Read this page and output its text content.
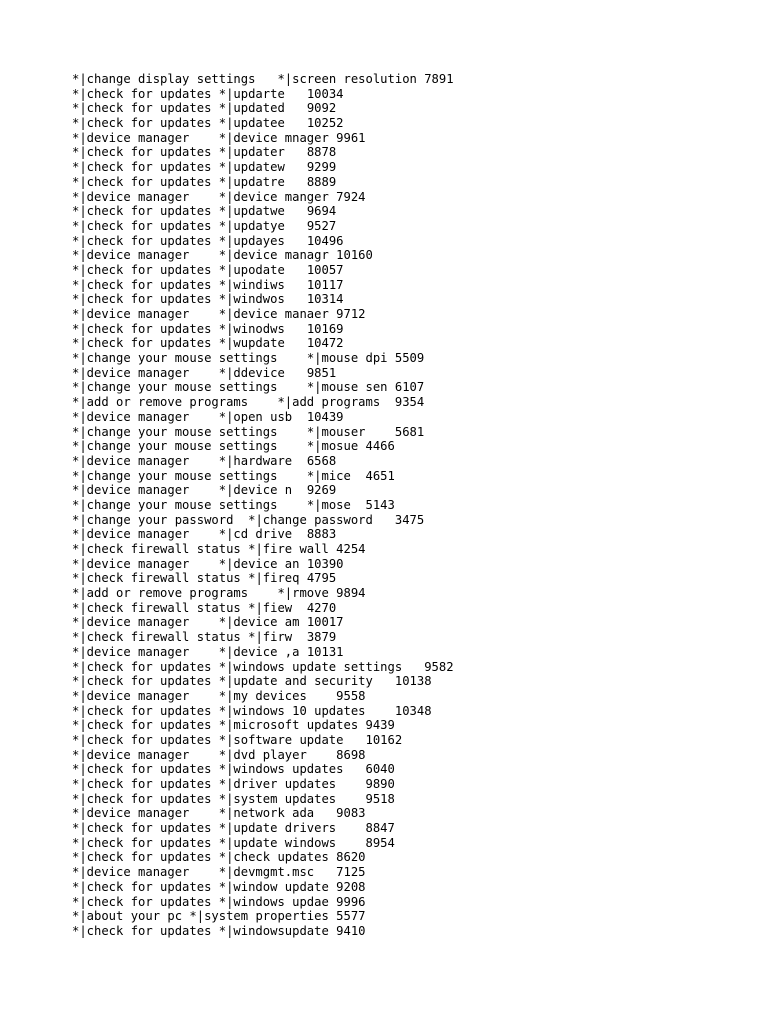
*|change display settings	*|screen resolution	7891
*|check for updates	*|updarte	10034
*|check for updates	*|updated	9092
*|check for updates	*|updatee	10252
*|device manager	*|device mnager	9961
*|check for updates	*|updater	8878
*|check for updates	*|updatew	9299
*|check for updates	*|updatre	8889
*|device manager	*|device manger	7924
*|check for updates	*|updatwe	9694
*|check for updates	*|updatye	9527
*|check for updates	*|updayes	10496
*|device manager	*|device managr	10160
*|check for updates	*|upodate	10057
*|check for updates	*|windiws	10117
*|check for updates	*|windwos	10314
*|device manager	*|device manaer	9712
*|check for updates	*|winodws	10169
*|check for updates	*|wupdate	10472
*|change your mouse settings	*|mouse dpi	5509
*|device manager	*|ddevice	9851
*|change your mouse settings	*|mouse sen	6107
*|add or remove programs	*|add programs	9354
*|device manager	*|open usb	10439
*|change your mouse settings	*|mouser	5681
*|change your mouse settings	*|mosue	4466
*|device manager	*|hardware	6568
*|change your mouse settings	*|mice	4651
*|device manager	*|device n	9269
*|change your mouse settings	*|mose	5143
*|change your password	*|change password	3475
*|device manager	*|cd drive	8883
*|check firewall status	*|fire wall	4254
*|device manager	*|device an	10390
*|check firewall status	*|fireq	4795
*|add or remove programs	*|rmove	9894
*|check firewall status	*|fiew	4270
*|device manager	*|device am	10017
*|check firewall status	*|firw	3879
*|device manager	*|device ,a	10131
*|check for updates	*|windows update settings	9582
*|check for updates	*|update and security	10138
*|device manager	*|my devices	9558
*|check for updates	*|windows 10 updates	10348
*|check for updates	*|microsoft updates	9439
*|check for updates	*|software update	10162
*|device manager	*|dvd player	8698
*|check for updates	*|windows updates	6040
*|check for updates	*|driver updates	9890
*|check for updates	*|system updates	9518
*|device manager	*|network ada	9083
*|check for updates	*|update drivers	8847
*|check for updates	*|update windows	8954
*|check for updates	*|check updates	8620
*|device manager	*|devmgmt.msc	7125
*|check for updates	*|window update	9208
*|check for updates	*|windows updae	9996
*|about your pc	*|system properties	5577
*|check for updates	*|windowsupdate	9410
